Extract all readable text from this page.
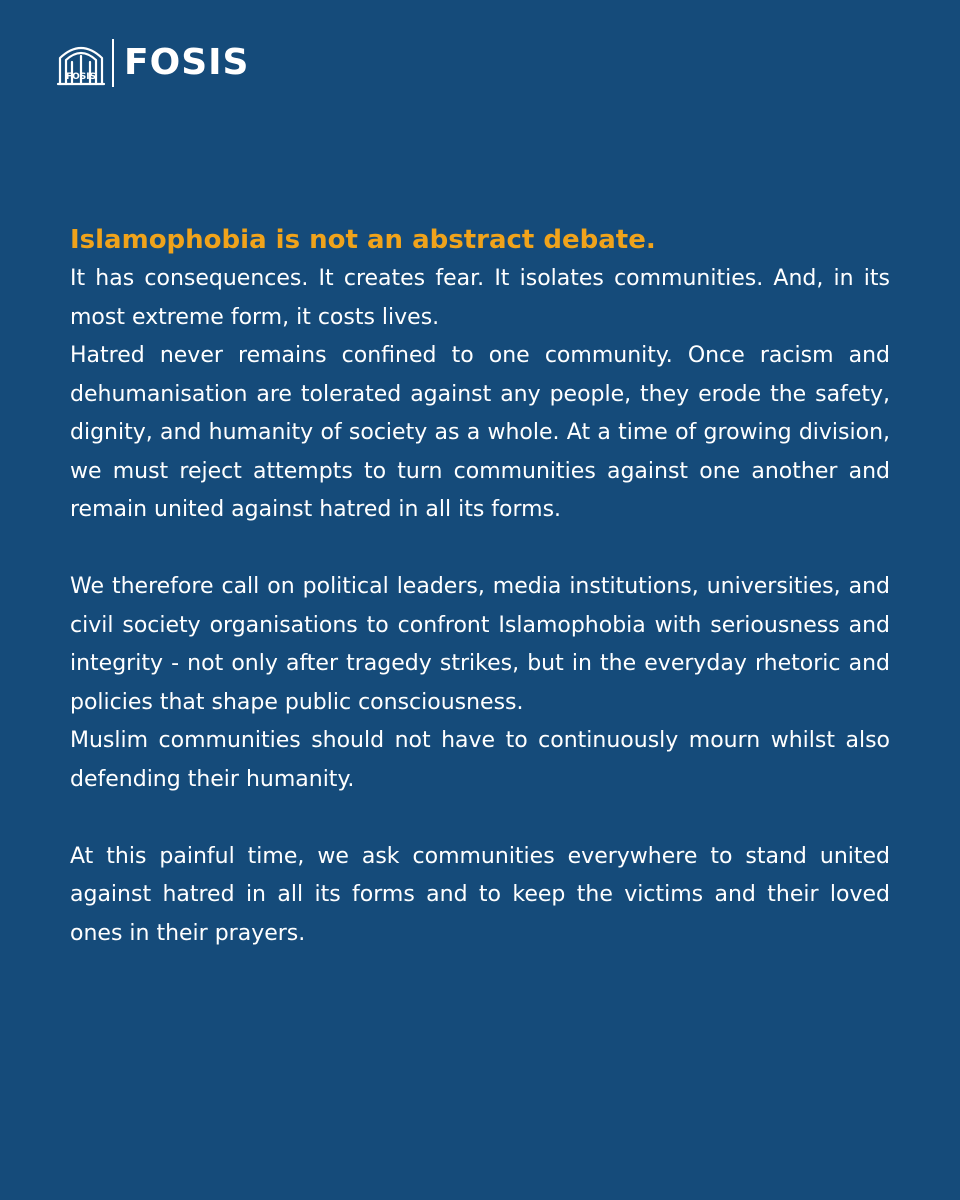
FOSIS FOSIS
Islamophobia is not an abstract debate.

It has consequences. It creates fear. It isolates communities. And, in its most extreme form, it costs lives.

Hatred never remains confined to one community. Once racism and dehumanisation are tolerated against any people, they erode the safety, dignity, and humanity of society as a whole. At a time of growing division, we must reject attempts to turn communities against one another and remain united against hatred in all its forms.

We therefore call on political leaders, media institutions, universities, and civil society organisations to confront Islamophobia with seriousness and integrity - not only after tragedy strikes, but in the everyday rhetoric and policies that shape public consciousness.

Muslim communities should not have to continuously mourn whilst also defending their humanity.

At this painful time, we ask communities everywhere to stand united against hatred in all its forms and to keep the victims and their loved ones in their prayers.
